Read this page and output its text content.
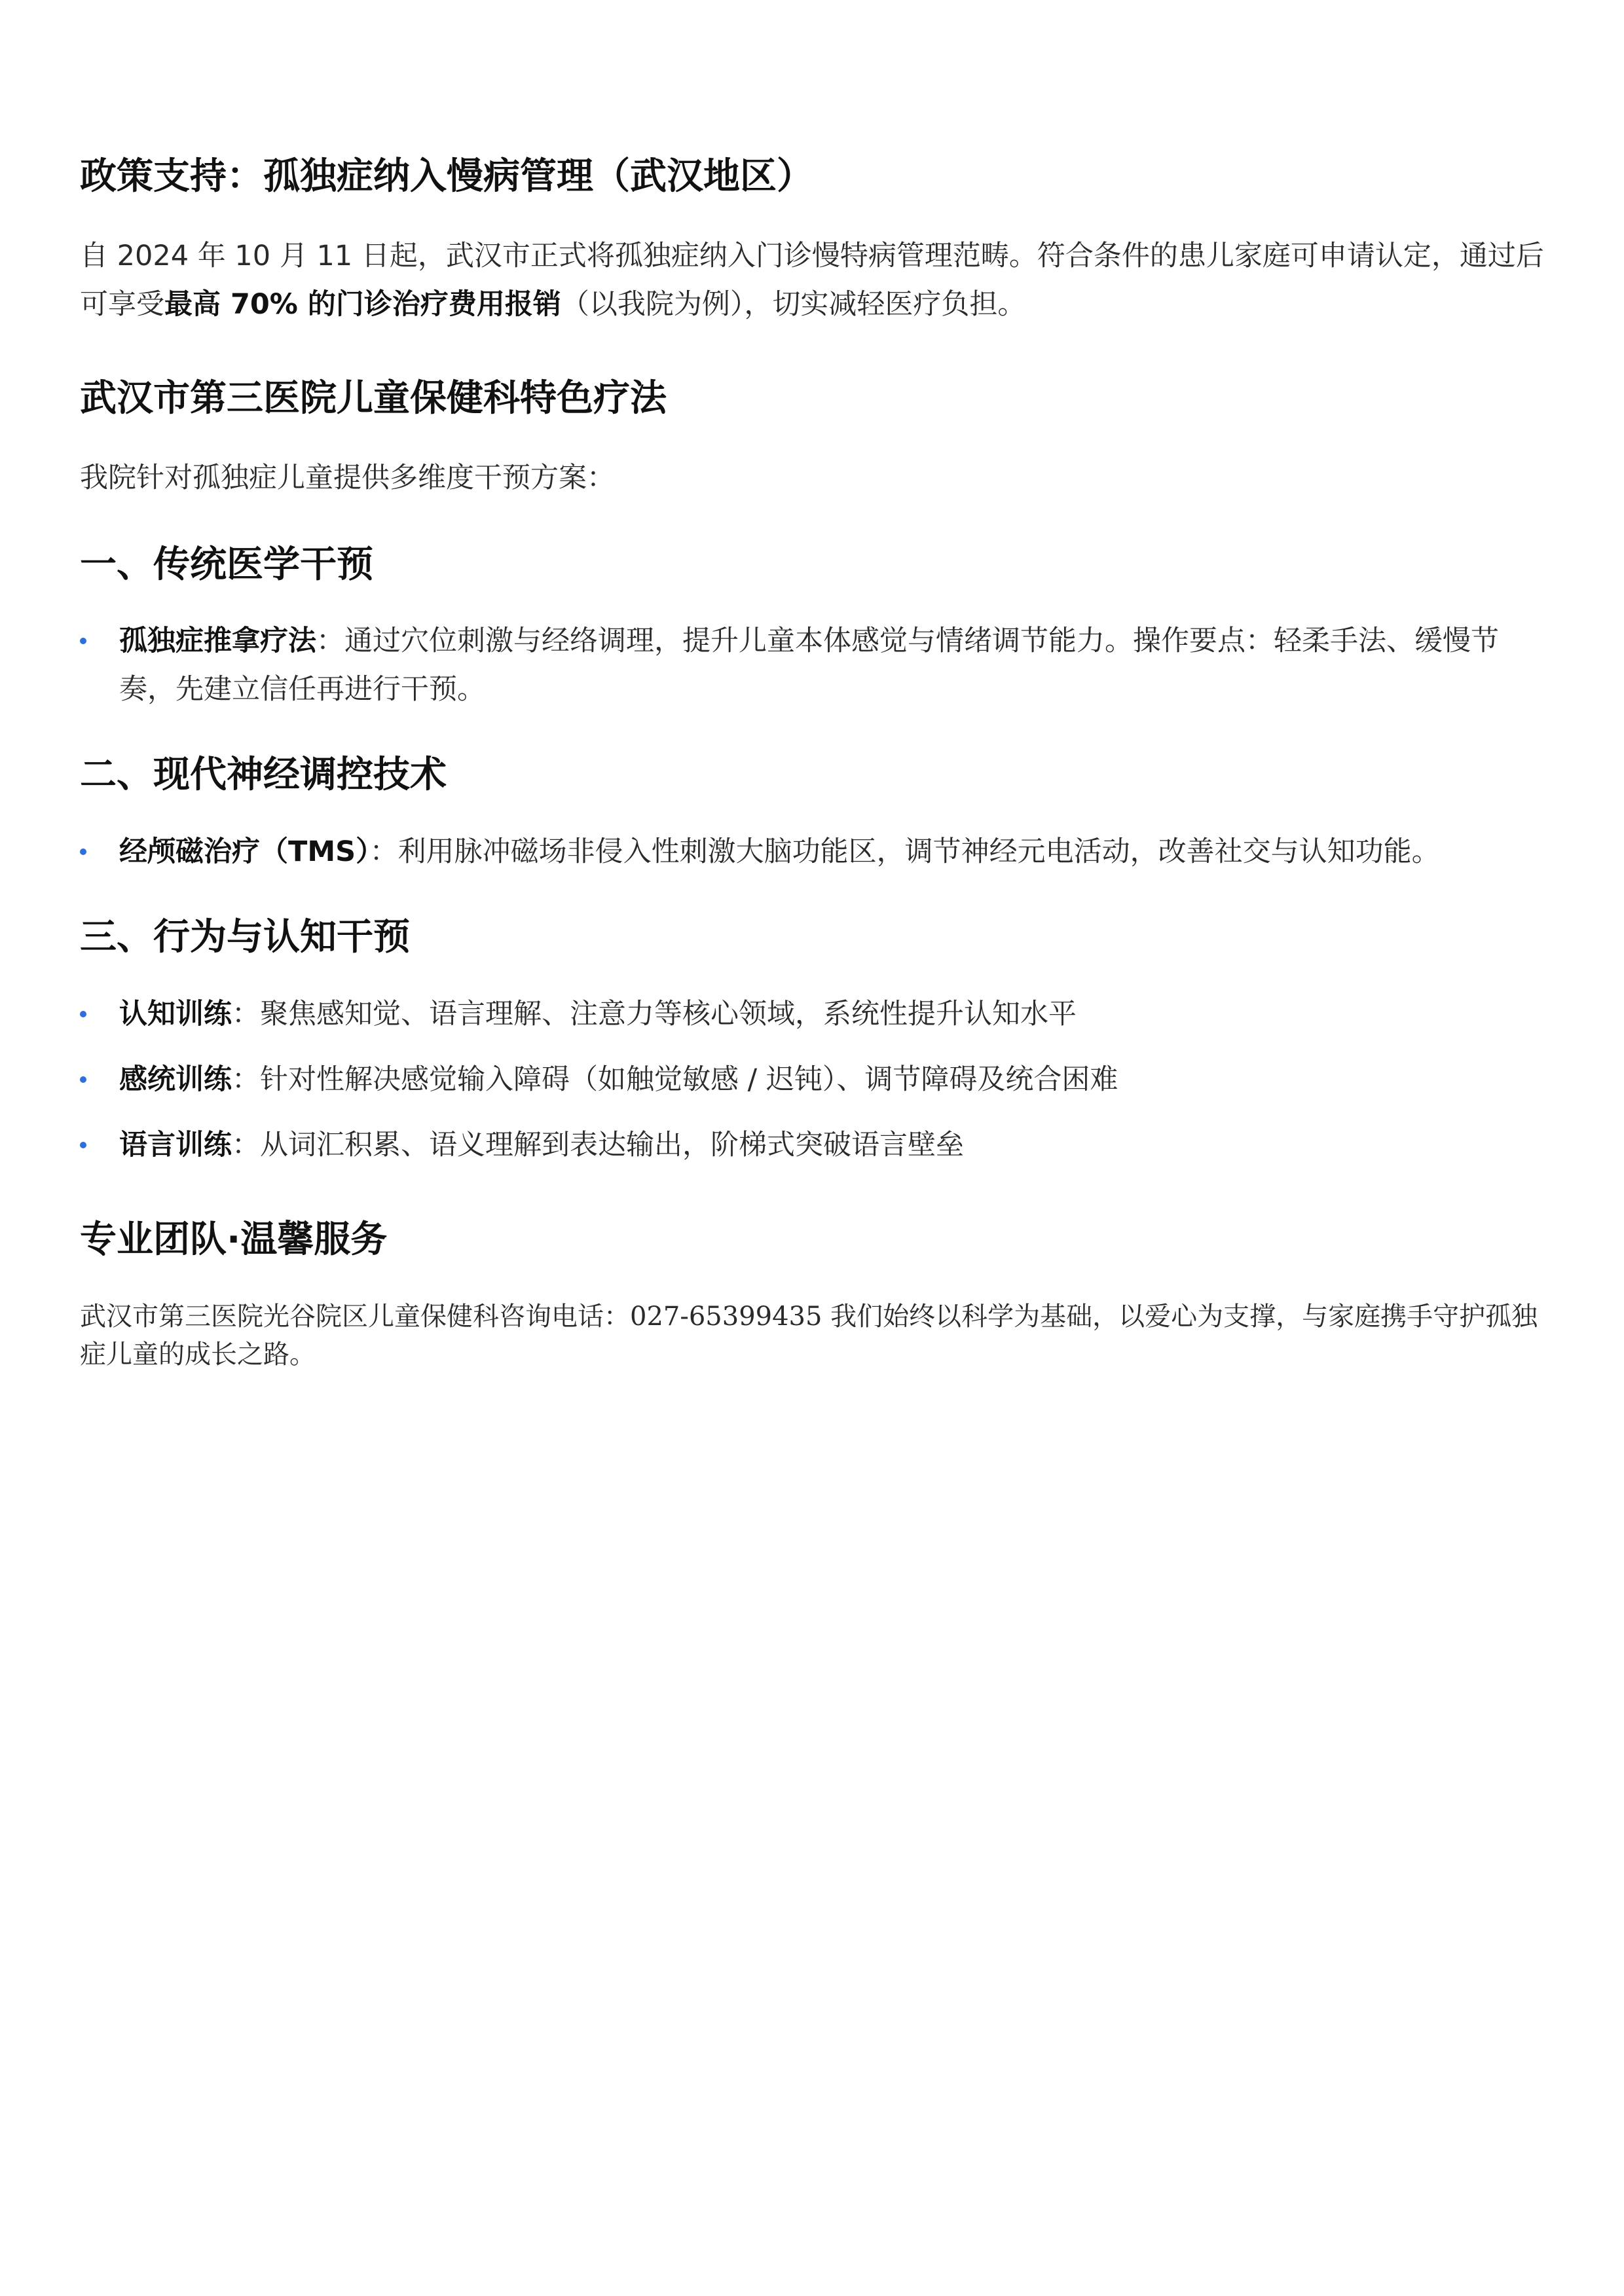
政策支持：孤独症纳入慢病管理（武汉地区）
自 2024 年 10 月 11 日起，武汉市正式将孤独症纳入门诊慢特病管理范畴。符合条件的患儿家庭可申请认定，通过后可享受最高 70% 的门诊治疗费用报销（以我院为例），切实减轻医疗负担。
武汉市第三医院儿童保健科特色疗法
我院针对孤独症儿童提供多维度干预方案：
一、传统医学干预
孤独症推拿疗法：通过穴位刺激与经络调理，提升儿童本体感觉与情绪调节能力。操作要点：轻柔手法、缓慢节奏，先建立信任再进行干预。
二、现代神经调控技术
经颅磁治疗（TMS）：利用脉冲磁场非侵入性刺激大脑功能区，调节神经元电活动，改善社交与认知功能。
三、行为与认知干预
认知训练：聚焦感知觉、语言理解、注意力等核心领域，系统性提升认知水平
感统训练：针对性解决感觉输入障碍（如触觉敏感 / 迟钝）、调节障碍及统合困难
语言训练：从词汇积累、语义理解到表达输出，阶梯式突破语言壁垒
专业团队·温馨服务
武汉市第三医院光谷院区儿童保健科咨询电话：027-65399435 我们始终以科学为基础，以爱心为支撑，与家庭携手守护孤独症儿童的成长之路。
